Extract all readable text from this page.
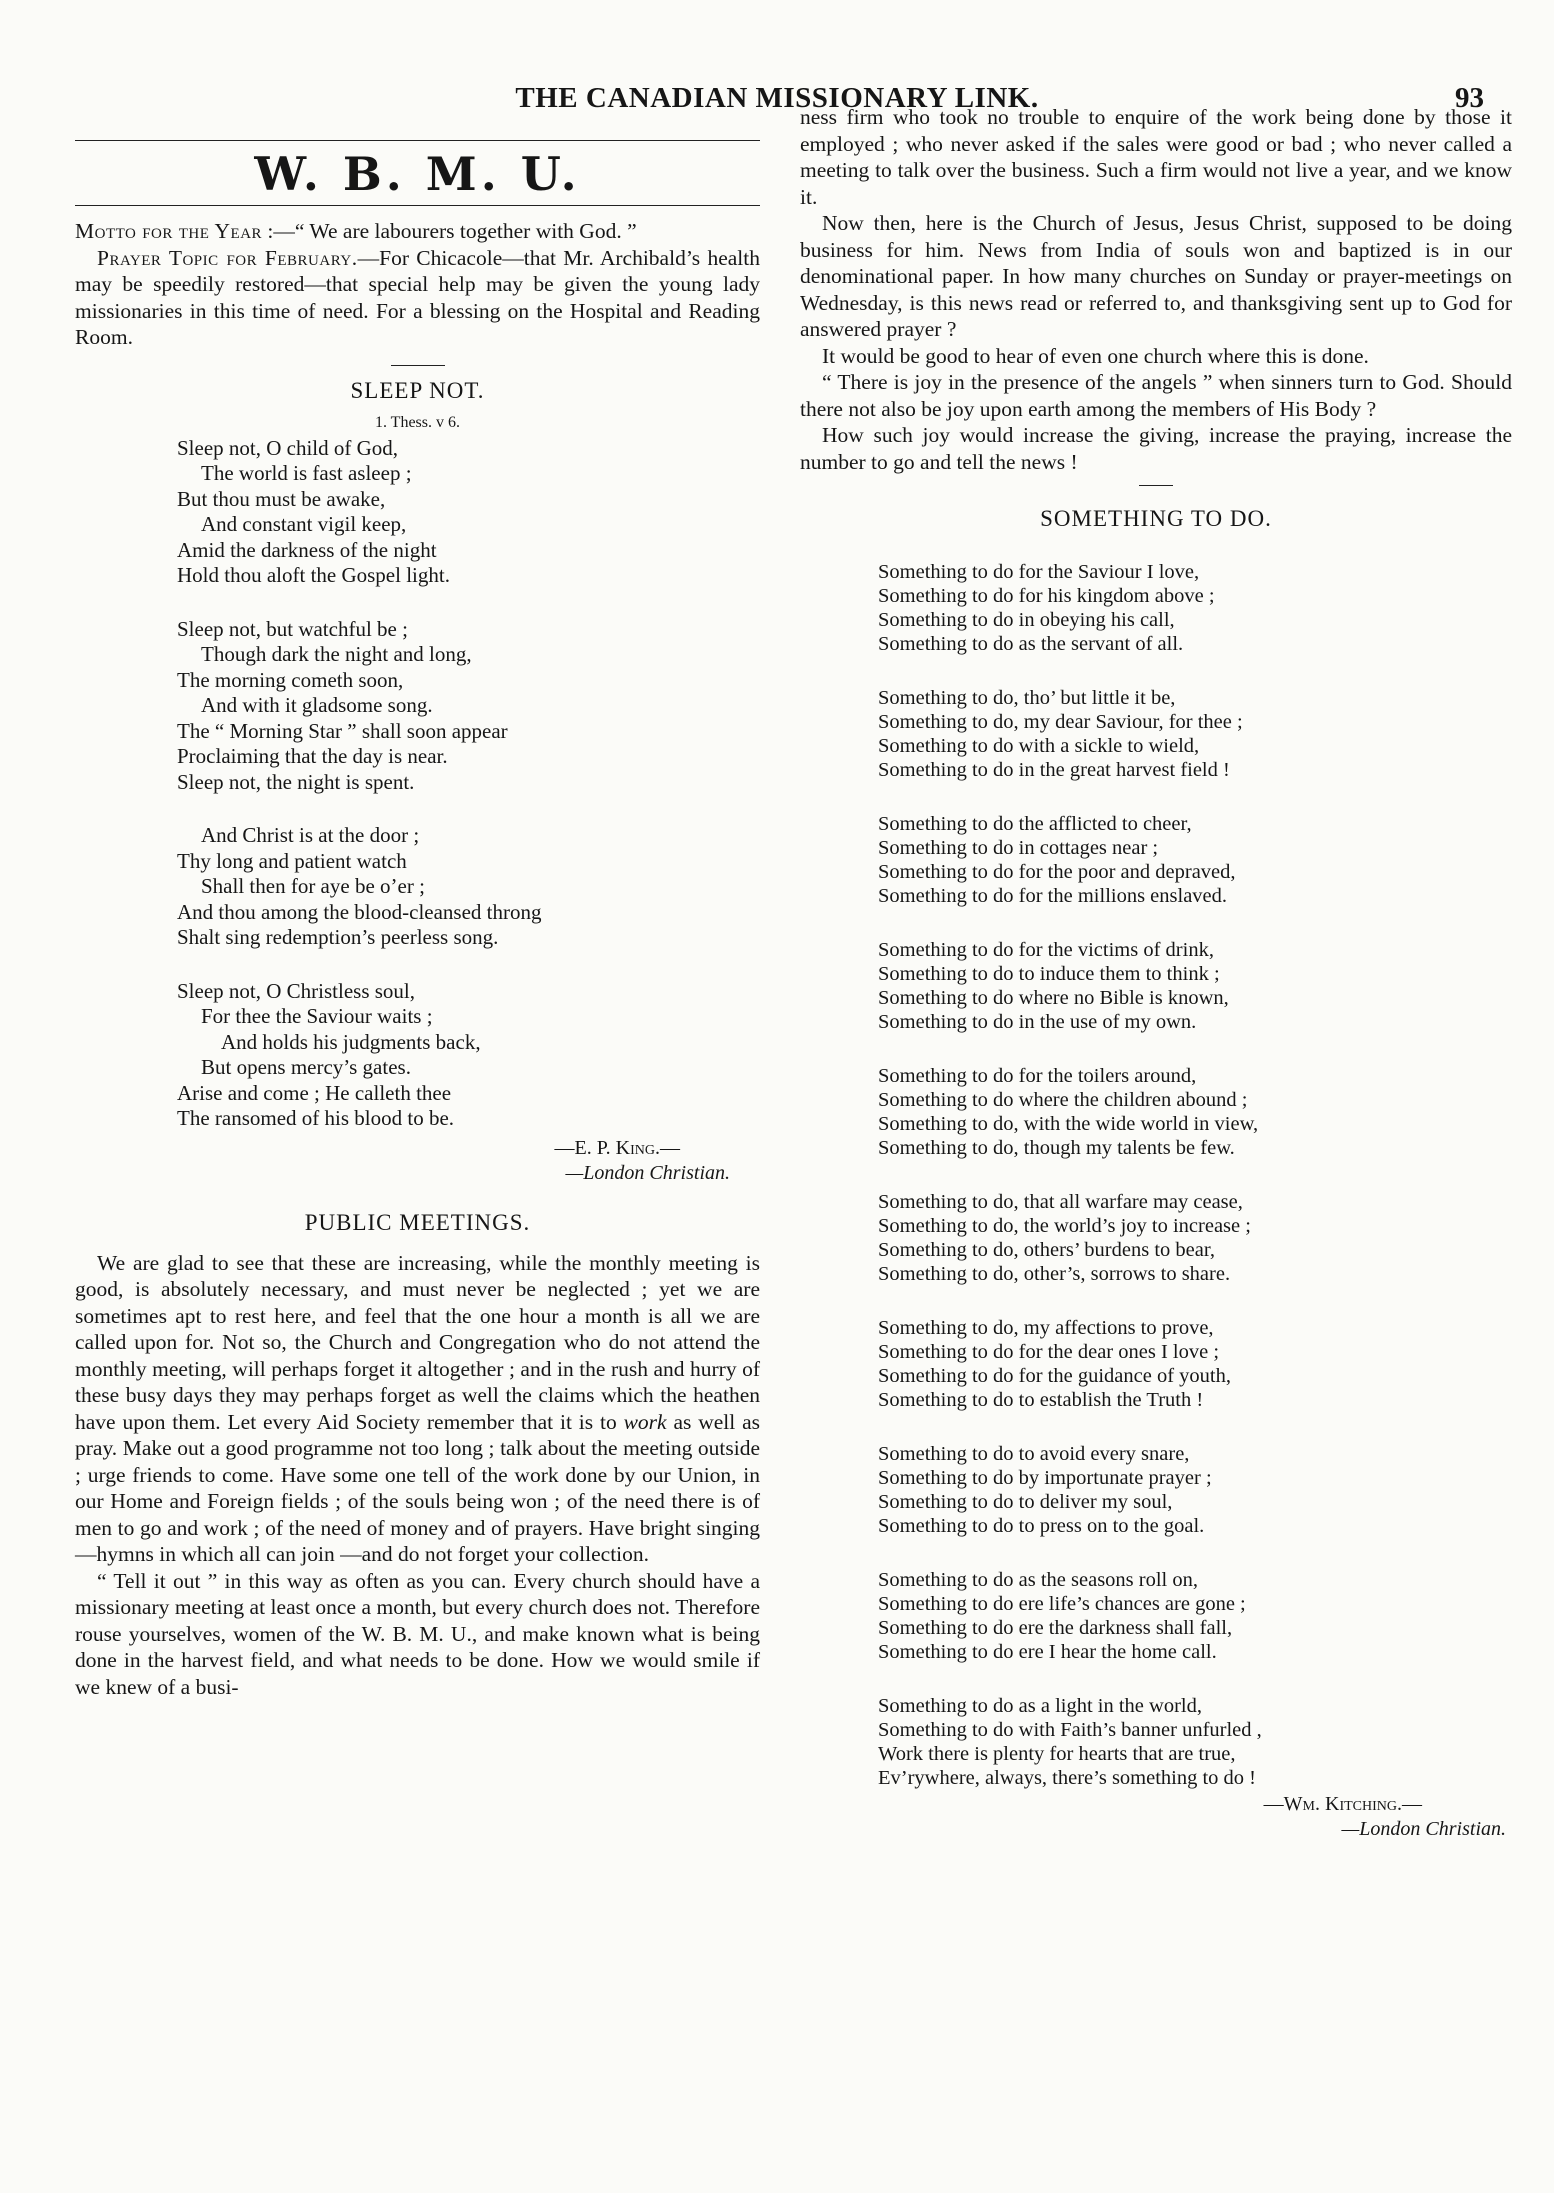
THE CANADIAN MISSIONARY LINK.	93
W. B. M. U.

Motto for the Year :—“ We are labourers together with God. ”

Prayer Topic for February.—For Chicacole—that Mr. Archibald’s health may be speedily restored—that special help may be given the young lady missionaries in this time of need. For a blessing on the Hospital and Reading Room.

SLEEP NOT.
1. Thess. v 6.
Sleep not, O child of God,
The world is fast asleep ;
But thou must be awake,
And constant vigil keep,
Amid the darkness of the night
Hold thou aloft the Gospel light.
Sleep not, but watchful be ;
Though dark the night and long,
The morning cometh soon,
And with it gladsome song.
The “ Morning Star ” shall soon appear
Proclaiming that the day is near.
Sleep not, the night is spent.
And Christ is at the door ;
Thy long and patient watch
Shall then for aye be o’er ;
And thou among the blood-cleansed throng
Shalt sing redemption’s peerless song.
Sleep not, O Christless soul,
For thee the Saviour waits ;
And holds his judgments back,
But opens mercy’s gates.
Arise and come ; He calleth thee
The ransomed of his blood to be.
—E. P. King.—
—London Christian.
PUBLIC MEETINGS.

We are glad to see that these are increasing, while the monthly meeting is good, is absolutely necessary, and must never be neglected ; yet we are sometimes apt to rest here, and feel that the one hour a month is all we are called upon for. Not so, the Church and Congregation who do not attend the monthly meeting, will perhaps forget it altogether ; and in the rush and hurry of these busy days they may perhaps forget as well the claims which the heathen have upon them. Let every Aid Society remember that it is to work as well as pray. Make out a good programme not too long ; talk about the meeting outside ; urge friends to come. Have some one tell of the work done by our Union, in our Home and Foreign fields ; of the souls being won ; of the need there is of men to go and work ; of the need of money and of prayers. Have bright singing—hymns in which all can join —and do not forget your collection.

“ Tell it out ” in this way as often as you can. Every church should have a missionary meeting at least once a month, but every church does not. Therefore rouse yourselves, women of the W. B. M. U., and make known what is being done in the harvest field, and what needs to be done. How we would smile if we knew of a busi-

ness firm who took no trouble to enquire of the work being done by those it employed ; who never asked if the sales were good or bad ; who never called a meeting to talk over the business. Such a firm would not live a year, and we know it.

Now then, here is the Church of Jesus, Jesus Christ, supposed to be doing business for him. News from India of souls won and baptized is in our denominational paper. In how many churches on Sunday or prayer-meetings on Wednesday, is this news read or referred to, and thanksgiving sent up to God for answered prayer ?

It would be good to hear of even one church where this is done.

“ There is joy in the presence of the angels ” when sinners turn to God. Should there not also be joy upon earth among the members of His Body ?

How such joy would increase the giving, increase the praying, increase the number to go and tell the news !

SOMETHING TO DO.
Something to do for the Saviour I love,
Something to do for his kingdom above ;
Something to do in obeying his call,
Something to do as the servant of all.
Something to do, tho’ but little it be,
Something to do, my dear Saviour, for thee ;
Something to do with a sickle to wield,
Something to do in the great harvest field !
Something to do the afflicted to cheer,
Something to do in cottages near ;
Something to do for the poor and depraved,
Something to do for the millions enslaved.
Something to do for the victims of drink,
Something to do to induce them to think ;
Something to do where no Bible is known,
Something to do in the use of my own.
Something to do for the toilers around,
Something to do where the children abound ;
Something to do, with the wide world in view,
Something to do, though my talents be few.
Something to do, that all warfare may cease,
Something to do, the world’s joy to increase ;
Something to do, others’ burdens to bear,
Something to do, other’s, sorrows to share.
Something to do, my affections to prove,
Something to do for the dear ones I love ;
Something to do for the guidance of youth,
Something to do to establish the Truth !
Something to do to avoid every snare,
Something to do by importunate prayer ;
Something to do to deliver my soul,
Something to do to press on to the goal.
Something to do as the seasons roll on,
Something to do ere life’s chances are gone ;
Something to do ere the darkness shall fall,
Something to do ere I hear the home call.
Something to do as a light in the world,
Something to do with Faith’s banner unfurled ,
Work there is plenty for hearts that are true,
Ev’rywhere, always, there’s something to do !
—Wm. Kitching.—
—London Christian.
